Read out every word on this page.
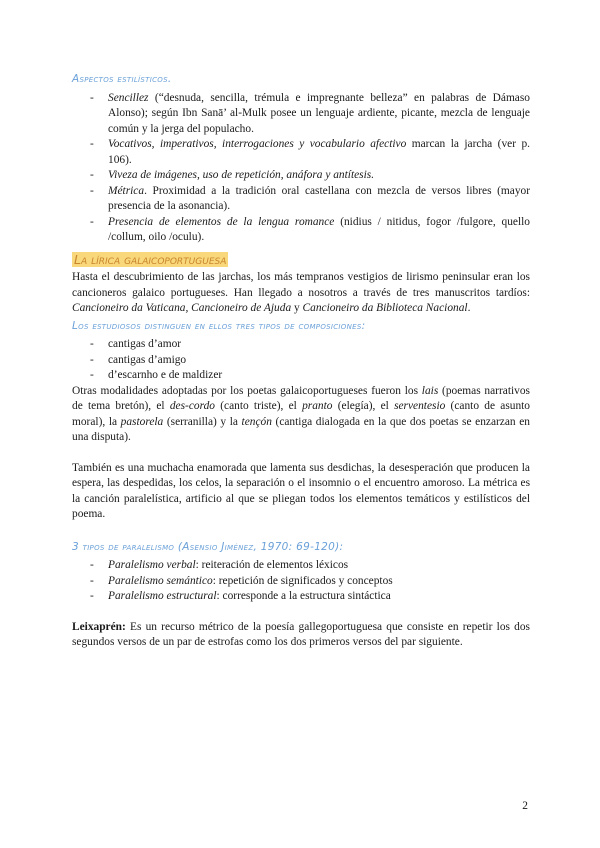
Aspectos estilísticos.
- Sencillez (“desnuda, sencilla, trémula e impregnante belleza” en palabras de Dámaso Alonso); según Ibn Sanā’ al-Mulk posee un lenguaje ardiente, picante, mezcla de lenguaje común y la jerga del populacho.
- Vocativos, imperativos, interrogaciones y vocabulario afectivo marcan la jarcha (ver p. 106).
- Viveza de imágenes, uso de repetición, anáfora y antítesis.
- Métrica. Proximidad a la tradición oral castellana con mezcla de versos libres (mayor presencia de la asonancia).
- Presencia de elementos de la lengua romance (nidius / nitidus, fogor /fulgore, quello /collum, oilo /oculu).
La lírica galaicoportuguesa
Hasta el descubrimiento de las jarchas, los más tempranos vestigios de lirismo peninsular eran los cancioneros galaico portugueses. Han llegado a nosotros a través de tres manuscritos tardíos: Cancioneiro da Vaticana, Cancioneiro de Ajuda y Cancioneiro da Biblioteca Nacional.
Los estudiosos distinguen en ellos tres tipos de composiciones:
- cantigas d’amor
- cantigas d’amigo
- d’escarnho e de maldizer
Otras modalidades adoptadas por los poetas galaicoportugueses fueron los lais (poemas narrativos de tema bretón), el des-cordo (canto triste), el pranto (elegía), el serventesio (canto de asunto moral), la pastorela (serranilla) y la tençón (cantiga dialogada en la que dos poetas se enzarzan en una disputa).
También es una muchacha enamorada que lamenta sus desdichas, la desesperación que producen la espera, las despedidas, los celos, la separación o el insomnio o el encuentro amoroso. La métrica es la canción paralelística, artificio al que se pliegan todos los elementos temáticos y estilísticos del poema.
3 tipos de paralelismo (Asensio Jiménez, 1970: 69-120):
- Paralelismo verbal: reiteración de elementos léxicos
- Paralelismo semántico: repetición de significados y conceptos
- Paralelismo estructural: corresponde a la estructura sintáctica
Leixaprén: Es un recurso métrico de la poesía gallegoportuguesa que consiste en repetir los dos segundos versos de un par de estrofas como los dos primeros versos del par siguiente.
2
